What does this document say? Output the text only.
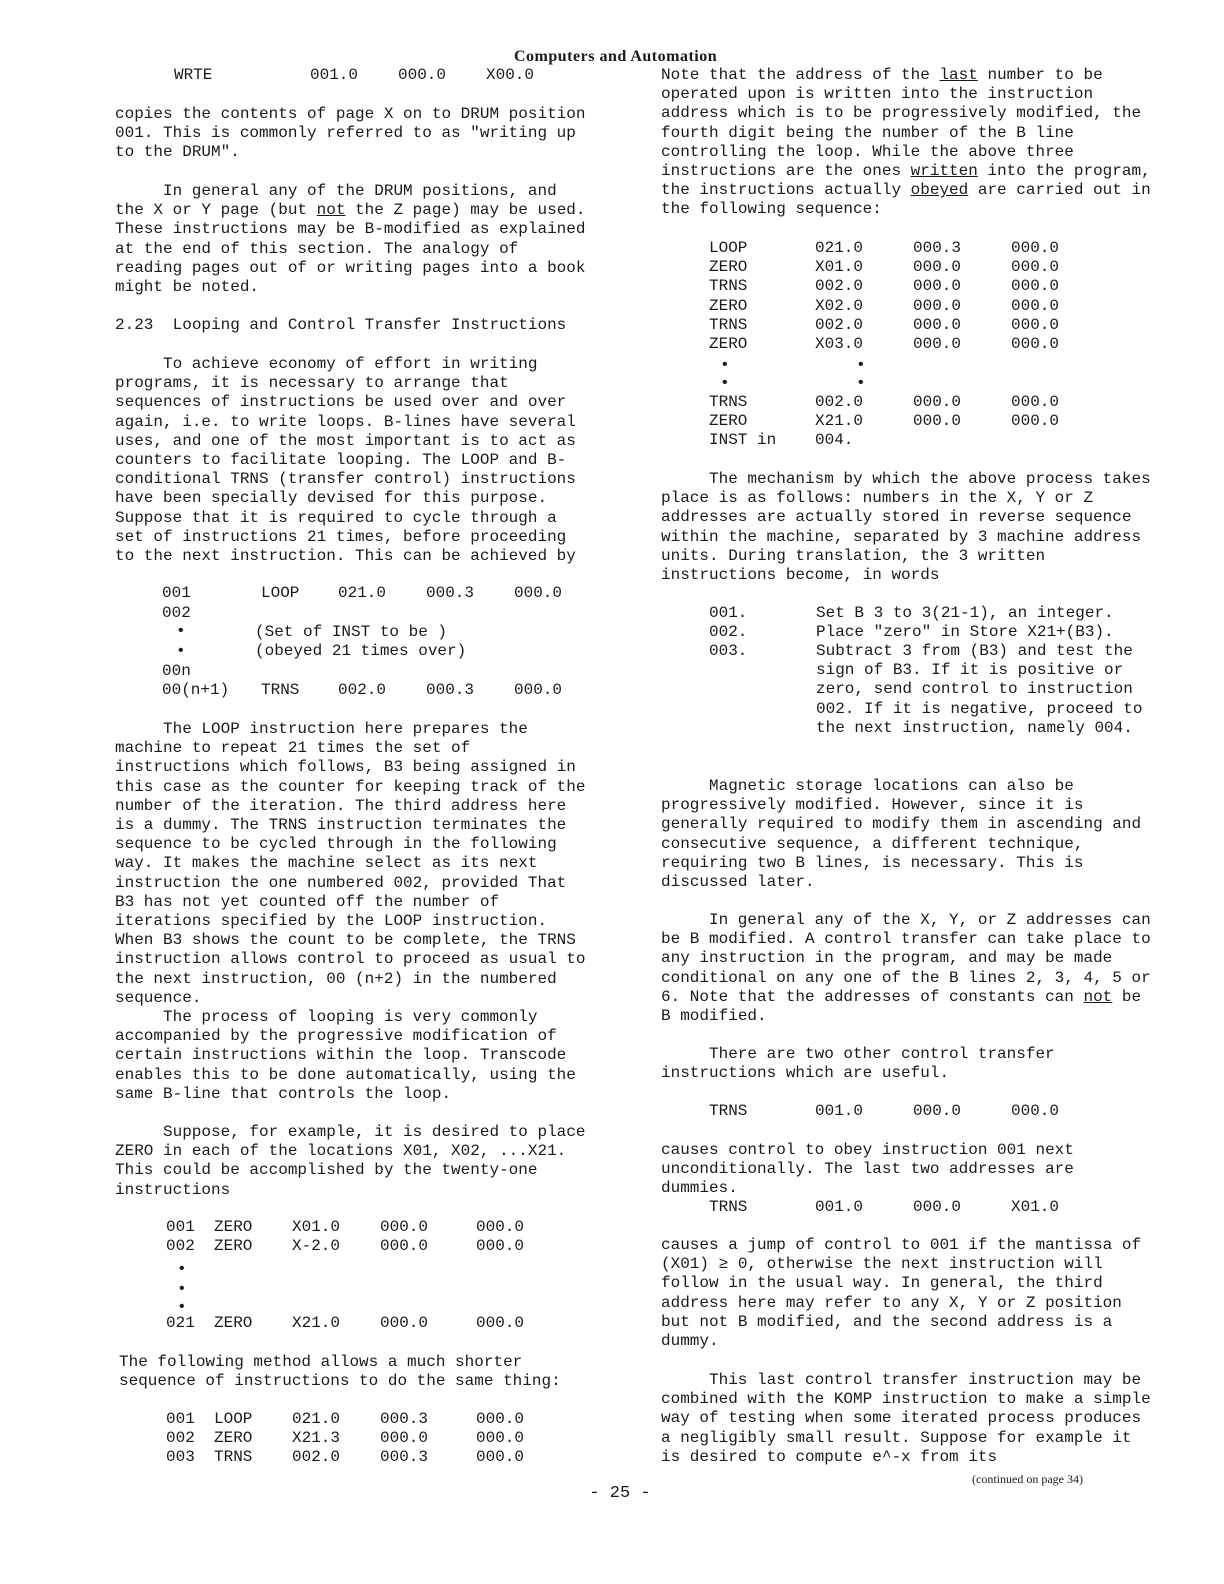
Computers and Automation
WRTE	001.0 000.0 X00.0

copies the contents of page X on to DRUM position 001. This is commonly referred to as "writing up to the DRUM".

In general any of the DRUM positions, and the X or Y page (but not the Z page) may be used. These instructions may be B-modified as explained at the end of this section. The analogy of reading pages out of or writing pages into a book might be noted.

2.23  Looping and Control Transfer Instructions

To achieve economy of effort in writing programs, it is necessary to arrange that sequences of instructions be used over and over again, i.e. to write loops. B-lines have several uses, and one of the most important is to act as counters to facilitate looping. The LOOP and B-conditional TRNS (transfer control) instructions have been specially devised for this purpose. Suppose that it is required to cycle through a set of instructions 21 times, before proceeding to the next instruction. This can be achieved by

001	LOOP 021.0 000.3 000.0
002
•	(Set of INST to be )
•	(obeyed 21 times over)
00n
00(n+1) TRNS 002.0 000.3 000.0

The LOOP instruction here prepares the machine to repeat 21 times the set of instructions which follows, B3 being assigned in this case as the counter for keeping track of the number of the iteration. The third address here is a dummy. The TRNS instruction terminates the sequence to be cycled through in the following way. It makes the machine select as its next instruction the one numbered 002, provided That B3 has not yet counted off the number of iterations specified by the LOOP instruction. When B3 shows the count to be complete, the TRNS instruction allows control to proceed as usual to the next instruction, 00 (n+2) in the numbered sequence.

The process of looping is very commonly accompanied by the progressive modification of certain instructions within the loop. Transcode enables this to be done automatically, using the same B-line that controls the loop.

Suppose, for example, it is desired to place ZERO in each of the locations X01, X02, ...X21. This could be accomplished by the twenty-one instructions

001 ZERO X01.0 000.0	000.0
002 ZERO X-2.0 000.0	000.0
•
•
•
021 ZERO X21.0 000.0	000.0

The following method allows a much shorter sequence of instructions to do the same thing:

001 LOOP 021.0 000.3	000.0
002 ZERO X21.3 000.0	000.0
003 TRNS 002.0 000.3	000.0

Note that the address of the last number to be operated upon is written into the instruction address which is to be progressively modified, the fourth digit being the number of the B line controlling the loop. While the above three instructions are the ones written into the program, the instructions actually obeyed are carried out in the following sequence:

LOOP	021.0	000.3	000.0
ZERO	X01.0	000.0	000.0
TRNS	002.0	000.0	000.0
ZERO	X02.0	000.0	000.0
TRNS	002.0	000.0	000.0
ZERO	X03.0	000.0	000.0
•	•
•	•
TRNS	002.0	000.0	000.0
ZERO	X21.0	000.0	000.0
INST in 004.

The mechanism by which the above process takes place is as follows: numbers in the X, Y or Z addresses are actually stored in reverse sequence within the machine, separated by 3 machine address units. During translation, the 3 written instructions become, in words

001.	Set B 3 to 3(21-1), an integer.
002.	Place "zero" in Store X21+(B3).
003.	Subtract 3 from (B3) and test the sign of B3. If it is positive or zero, send control to instruction 002. If it is negative, proceed to the next instruction, namely 004.

Magnetic storage locations can also be progressively modified. However, since it is generally required to modify them in ascending and consecutive sequence, a different technique, requiring two B lines, is necessary. This is discussed later.

In general any of the X, Y, or Z addresses can be B modified. A control transfer can take place to any instruction in the program, and may be made conditional on any one of the B lines 2, 3, 4, 5 or 6. Note that the addresses of constants can not be B modified.

There are two other control transfer instructions which are useful.

TRNS	001.0	000.0	000.0

causes control to obey instruction 001 next unconditionally. The last two addresses are dummies.

TRNS	001.0	000.0	X01.0

causes a jump of control to 001 if the mantissa of (X01) ≥ 0, otherwise the next instruction will follow in the usual way. In general, the third address here may refer to any X, Y or Z position but not B modified, and the second address is a dummy.

This last control transfer instruction may be combined with the KOMP instruction to make a simple way of testing when some iterated process produces a negligibly small result. Suppose for example it is desired to compute e^-x from its

(continued on page 34)
- 25 -
